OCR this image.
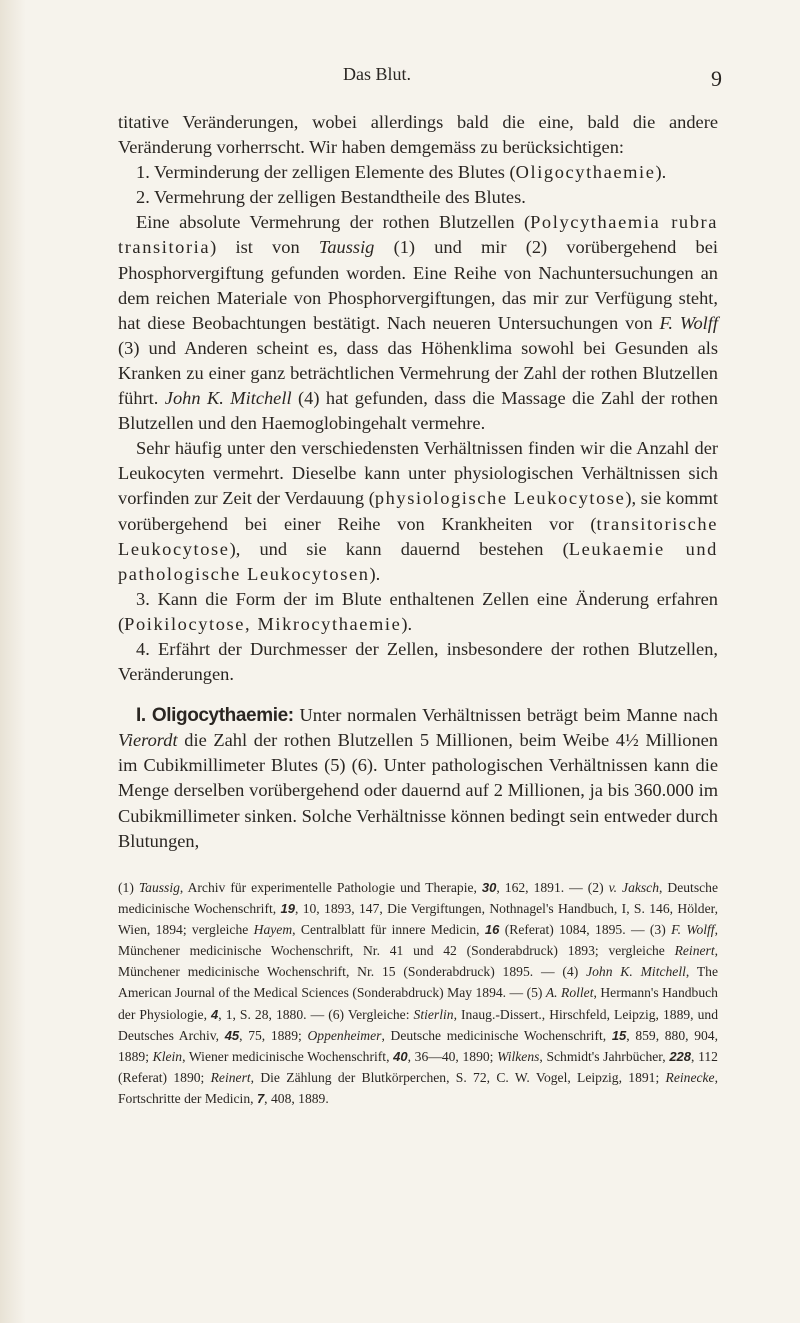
Das Blut.	9

titative Veränderungen, wobei allerdings bald die eine, bald die andere Veränderung vorherrscht. Wir haben demgemäss zu berücksichtigen:

1. Verminderung der zelligen Elemente des Blutes (Oligocythaemie).

2. Vermehrung der zelligen Bestandtheile des Blutes.

Eine absolute Vermehrung der rothen Blutzellen (Polycythaemia rubra transitoria) ist von Taussig (1) und mir (2) vorübergehend bei Phosphorvergiftung gefunden worden. Eine Reihe von Nachuntersuchungen an dem reichen Materiale von Phosphorvergiftungen, das mir zur Verfügung steht, hat diese Beobachtungen bestätigt. Nach neueren Untersuchungen von F. Wolff (3) und Anderen scheint es, dass das Höhenklima sowohl bei Gesunden als Kranken zu einer ganz beträchtlichen Vermehrung der Zahl der rothen Blutzellen führt. John K. Mitchell (4) hat gefunden, dass die Massage die Zahl der rothen Blutzellen und den Haemoglobingehalt vermehre.

Sehr häufig unter den verschiedensten Verhältnissen finden wir die Anzahl der Leukocyten vermehrt. Dieselbe kann unter physiologischen Verhältnissen sich vorfinden zur Zeit der Verdauung (physiologische Leukocytose), sie kommt vorübergehend bei einer Reihe von Krankheiten vor (transitorische Leukocytose), und sie kann dauernd bestehen (Leukaemie und pathologische Leukocytosen).

3. Kann die Form der im Blute enthaltenen Zellen eine Änderung erfahren (Poikilocytose, Mikrocythaemie).

4. Erfährt der Durchmesser der Zellen, insbesondere der rothen Blutzellen, Veränderungen.

I. Oligocythaemie: Unter normalen Verhältnissen beträgt beim Manne nach Vierordt die Zahl der rothen Blutzellen 5 Millionen, beim Weibe 4½ Millionen im Cubikmillimeter Blutes (5) (6). Unter pathologischen Verhältnissen kann die Menge derselben vorübergehend oder dauernd auf 2 Millionen, ja bis 360.000 im Cubikmillimeter sinken. Solche Verhältnisse können bedingt sein entweder durch Blutungen,

(1) Taussig, Archiv für experimentelle Pathologie und Therapie, 30, 162, 1891. — (2) v. Jaksch, Deutsche medicinische Wochenschrift, 19, 10, 1893, 147, Die Vergiftungen, Nothnagel's Handbuch, I, S. 146, Hölder, Wien, 1894; vergleiche Hayem, Centralblatt für innere Medicin, 16 (Referat) 1084, 1895. — (3) F. Wolff, Münchener medicinische Wochenschrift, Nr. 41 und 42 (Sonderabdruck) 1893; vergleiche Reinert, Münchener medicinische Wochenschrift, Nr. 15 (Sonderabdruck) 1895. — (4) John K. Mitchell, The American Journal of the Medical Sciences (Sonderabdruck) May 1894. — (5) A. Rollet, Hermann's Handbuch der Physiologie, 4, 1, S. 28, 1880. — (6) Vergleiche: Stierlin, Inaug.-Dissert., Hirschfeld, Leipzig, 1889, und Deutsches Archiv, 45, 75, 1889; Oppenheimer, Deutsche medicinische Wochenschrift, 15, 859, 880, 904, 1889; Klein, Wiener medicinische Wochenschrift, 40, 36—40, 1890; Wilkens, Schmidt's Jahrbücher, 228, 112 (Referat) 1890; Reinert, Die Zählung der Blutkörperchen, S. 72, C. W. Vogel, Leipzig, 1891; Reinecke, Fortschritte der Medicin, 7, 408, 1889.
